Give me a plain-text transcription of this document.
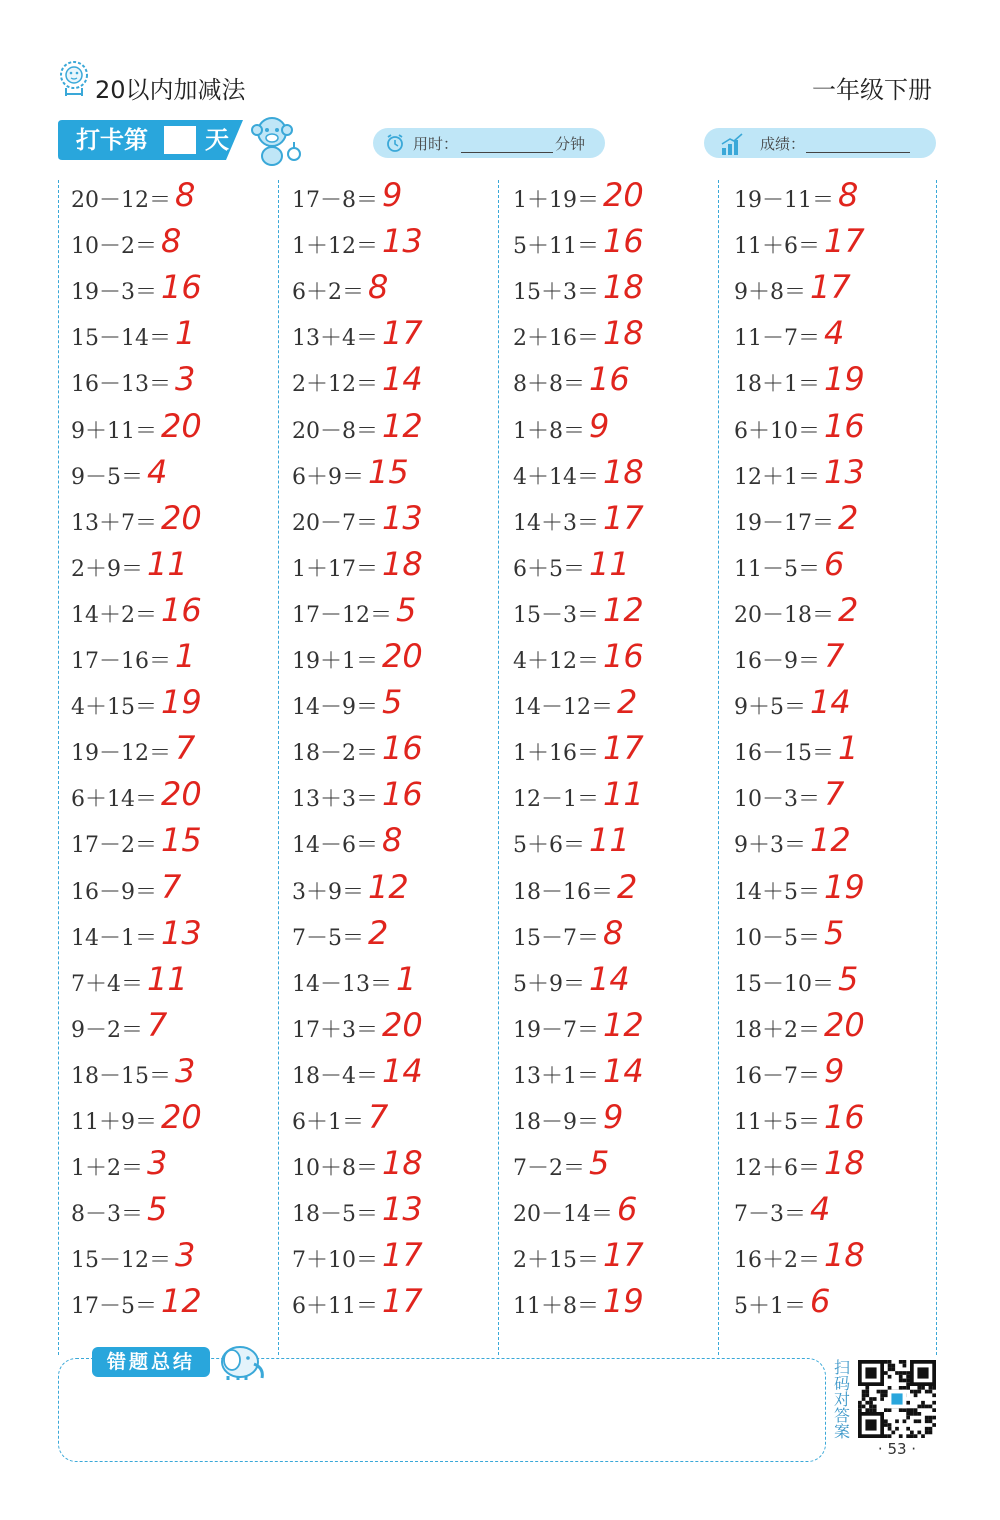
20以内加减法	一年级下册
打卡第 天	用时：	分钟	成绩：
20－12＝ 8
10－2＝ 8
19－3＝ 16
15－14＝ 1
16－13＝ 3
9＋11＝ 20
9－5＝ 4
13＋7＝ 20
2＋9＝ 11
14＋2＝ 16
17－16＝ 1
4＋15＝ 19
19－12＝ 7
6＋14＝ 20
17－2＝ 15
16－9＝ 7
14－1＝ 13
7＋4＝ 11
9－2＝ 7
18－15＝ 3
11＋9＝ 20
1＋2＝ 3
8－3＝ 5
15－12＝ 3
17－5＝ 12
17－8＝ 9
1＋12＝ 13
6＋2＝ 8
13＋4＝ 17
2＋12＝ 14
20－8＝ 12
6＋9＝ 15
20－7＝ 13
1＋17＝ 18
17－12＝ 5
19＋1＝ 20
14－9＝ 5
18－2＝ 16
13＋3＝ 16
14－6＝ 8
3＋9＝ 12
7－5＝ 2
14－13＝ 1
17＋3＝ 20
18－4＝ 14
6＋1＝ 7
10＋8＝ 18
18－5＝ 13
7＋10＝ 17
6＋11＝ 17
1＋19＝ 20
5＋11＝ 16
15＋3＝ 18
2＋16＝ 18
8＋8＝ 16
1＋8＝ 9
4＋14＝ 18
14＋3＝ 17
6＋5＝ 11
15－3＝ 12
4＋12＝ 16
14－12＝ 2
1＋16＝ 17
12－1＝ 11
5＋6＝ 11
18－16＝ 2
15－7＝ 8
5＋9＝ 14
19－7＝ 12
13＋1＝ 14
18－9＝ 9
7－2＝ 5
20－14＝ 6
2＋15＝ 17
11＋8＝ 19
19－11＝ 8
11＋6＝ 17
9＋8＝ 17
11－7＝ 4
18＋1＝ 19
6＋10＝ 16
12＋1＝ 13
19－17＝ 2
11－5＝ 6
20－18＝ 2
16－9＝ 7
9＋5＝ 14
16－15＝ 1
10－3＝ 7
9＋3＝ 12
14＋5＝ 19
10－5＝ 5
15－10＝ 5
18＋2＝ 20
16－7＝ 9
11＋5＝ 16
12＋6＝ 18
7－3＝ 4
16＋2＝ 18
5＋1＝ 6
错题总结	扫
码
对
答
案
· 53 ·
